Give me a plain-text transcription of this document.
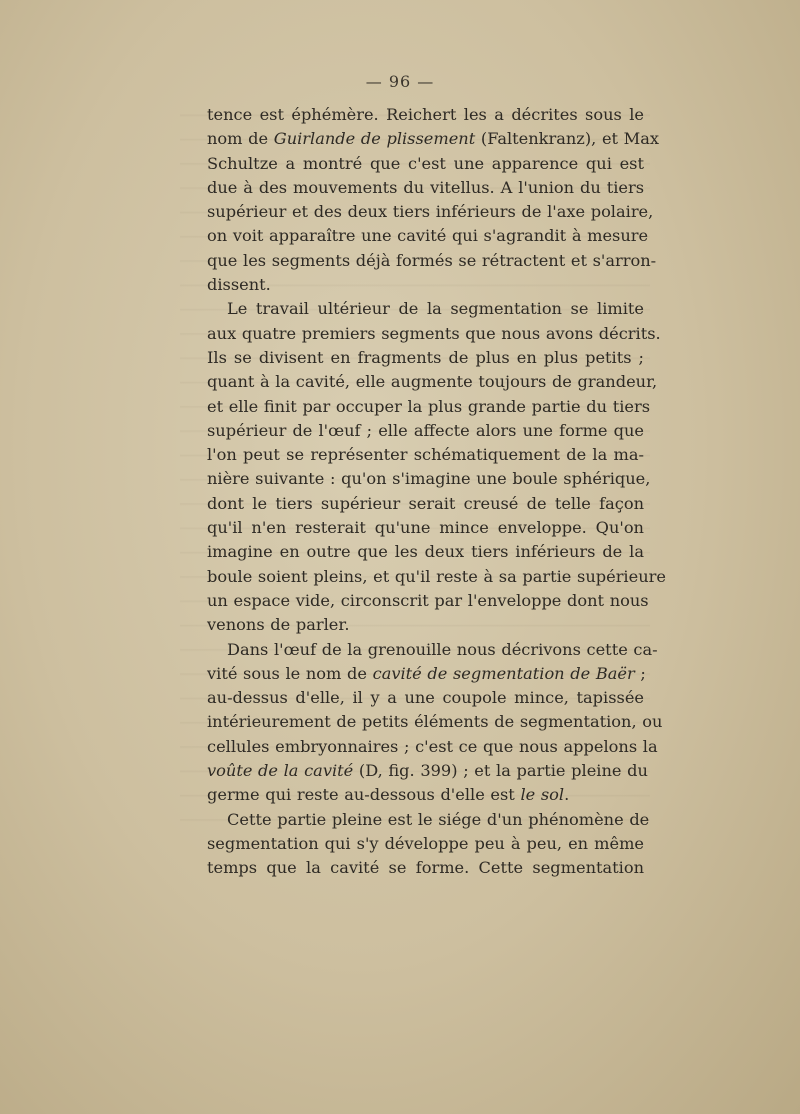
— 96 —
tence est éphémère. Reichert les a décrites sous le
nom de Guirlande de plissement (Faltenkranz), et Max
Schultze a montré que c'est une apparence qui est
due à des mouvements du vitellus. A l'union du tiers
supérieur et des deux tiers inférieurs de l'axe polaire,
on voit apparaître une cavité qui s'agrandit à mesure
que les segments déjà formés se rétractent et s'arron-
dissent.
Le travail ultérieur de la segmentation se limite
aux quatre premiers segments que nous avons décrits.
Ils se divisent en fragments de plus en plus petits ;
quant à la cavité, elle augmente toujours de grandeur,
et elle finit par occuper la plus grande partie du tiers
supérieur de l'œuf ; elle affecte alors une forme que
l'on peut se représenter schématiquement de la ma-
nière suivante : qu'on s'imagine une boule sphérique,
dont le tiers supérieur serait creusé de telle façon
qu'il n'en resterait qu'une mince enveloppe. Qu'on
imagine en outre que les deux tiers inférieurs de la
boule soient pleins, et qu'il reste à sa partie supérieure
un espace vide, circonscrit par l'enveloppe dont nous
venons de parler.
Dans l'œuf de la grenouille nous décrivons cette ca-
vité sous le nom de cavité de segmentation de Baër ;
au-dessus d'elle, il y a une coupole mince, tapissée
intérieurement de petits éléments de segmentation, ou
cellules embryonnaires ; c'est ce que nous appelons la
voûte de la cavité (D, fig. 399) ; et la partie pleine du
germe qui reste au-dessous d'elle est le sol.
Cette partie pleine est le siége d'un phénomène de
segmentation qui s'y développe peu à peu, en même
temps que la cavité se forme. Cette segmentation
